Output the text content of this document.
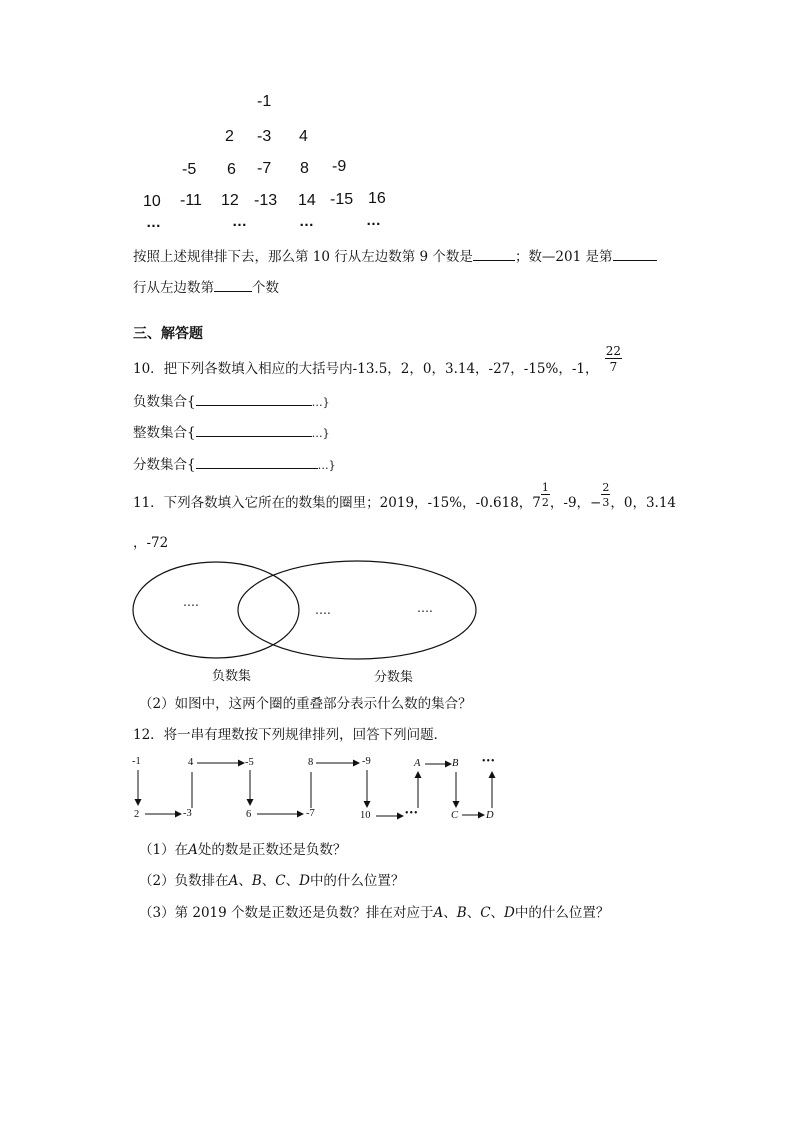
-1
2 -3 4
-5 6 -7 8 -9
10 -11 12 -13 14 -15 16
…	…	…	…
按照上述规律排下去，那么第 10 行从左边数第 9 个数是	；数—201 是第
行从左边数第	个数
三、解答题
10．把下列各数填入相应的大括号内-13.5，2，0，3.14，-27，-15%，-1， $\frac{22}{7}$
负数集合{	…}
整数集合{	…}
分数集合{	…}
11．下列各数填入它所在的数集的圈里；2019，-15%，-0.618，$7 \frac{1}{2}$ ，-9，− $\frac{2}{3}$ ，0，3.14
，-72
….
….	….
负数集	分数集
（2）如图中，这两个圈的重叠部分表示什么数的集合？
12．将一串有理数按下列规律排列，回答下列问题．
-1
2	-3
4	-5
6	-7
8	-9
10	•••
A	B
C	D
•••
（1）在A处的数是正数还是负数？
（2）负数排在A、B、C、D中的什么位置？
（3）第 2019 个数是正数还是负数？排在对应于A、B、C、D中的什么位置？
